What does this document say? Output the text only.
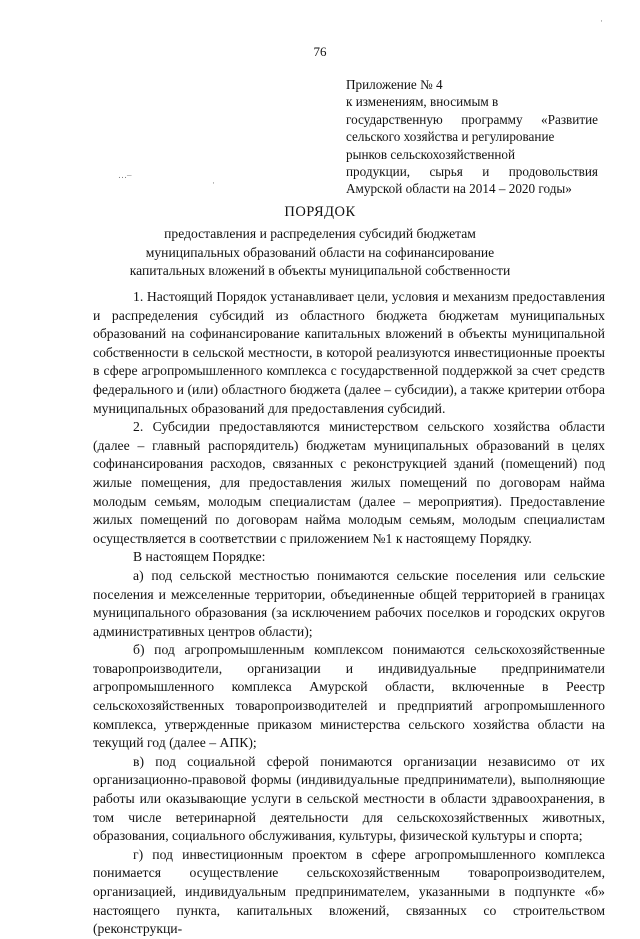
76
Приложение № 4
к изменениям, вносимым в
государственную программу «Развитие
сельского хозяйства и регулирование
рынков сельскохозяйственной
продукции, сырья и продовольствия
Амурской области на 2014 – 2020 годы»
…–
·
·
ПОРЯДОК
предоставления и распределения субсидий бюджетам
муниципальных образований области на софинансирование
капитальных вложений в объекты муниципальной собственности

1. Настоящий Порядок устанавливает цели, условия и механизм предоставления и распределения субсидий из областного бюджета бюджетам муниципальных образований на софинансирование капитальных вложений в объекты муниципальной собственности в сельской местности, в которой реализуются инвестиционные проекты в сфере агропромышленного комплекса с государственной поддержкой за счет средств федерального и (или) областного бюджета (далее – субсидии), а также критерии отбора муниципальных образований для предоставления субсидий.

2. Субсидии предоставляются министерством сельского хозяйства области (далее – главный распорядитель) бюджетам муниципальных образований в целях софинансирования расходов, связанных с реконструкцией зданий (помещений) под жилые помещения, для предоставления жилых помещений по договорам найма молодым семьям, молодым специалистам (далее – мероприятия). Предоставление жилых помещений по договорам найма молодым семьям, молодым специалистам осуществляется в соответствии с приложением №1 к настоящему Порядку.

В настоящем Порядке:

а) под сельской местностью понимаются сельские поселения или сельские поселения и межселенные территории, объединенные общей территорией в границах муниципального образования (за исключением рабочих поселков и городских округов административных центров области);

б) под агропромышленным комплексом понимаются сельскохозяйственные товаропроизводители, организации и индивидуальные предприниматели агропромышленного комплекса Амурской области, включенные в Реестр сельскохозяйственных товаропроизводителей и предприятий агропромышленного комплекса, утвержденные приказом министерства сельского хозяйства области на текущий год (далее – АПК);

в) под социальной сферой понимаются организации независимо от их организационно-правовой формы (индивидуальные предприниматели), выполняющие работы или оказывающие услуги в сельской местности в области здравоохранения, в том числе ветеринарной деятельности для сельскохозяйственных животных, образования, социального обслуживания, культуры, физической культуры и спорта;

г) под инвестиционным проектом в сфере агропромышленного комплекса понимается осуществление сельскохозяйственным товаропроизводителем, организацией, индивидуальным предпринимателем, указанными в подпункте «б» настоящего пункта, капитальных вложений, связанных со строительством (реконструкци-
